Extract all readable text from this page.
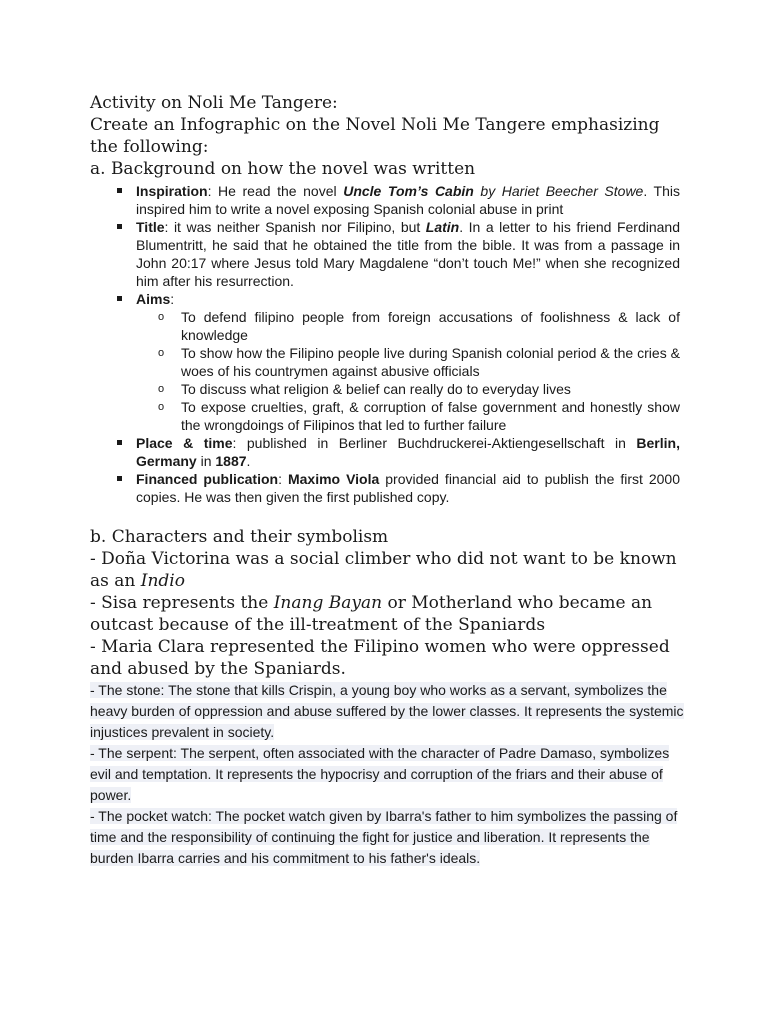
Activity on Noli Me Tangere:

Create an Infographic on the Novel Noli Me Tangere emphasizing the following:

a. Background on how the novel was written

Inspiration: He read the novel Uncle Tom’s Cabin by Hariet Beecher Stowe. This inspired him to write a novel exposing Spanish colonial abuse in print
Title: it was neither Spanish nor Filipino, but Latin. In a letter to his friend Ferdinand Blumentritt, he said that he obtained the title from the bible. It was from a passage in John 20:17 where Jesus told Mary Magdalene “don’t touch Me!” when she recognized him after his resurrection.
Aims:
o To defend filipino people from foreign accusations of foolishness & lack of knowledge
o To show how the Filipino people live during Spanish colonial period & the cries & woes of his countrymen against abusive officials
o To discuss what religion & belief can really do to everyday lives
o To expose cruelties, graft, & corruption of false government and honestly show the wrongdoings of Filipinos that led to further failure
Place & time: published in Berliner Buchdruckerei-Aktiengesellschaft in Berlin, Germany in 1887.
Financed publication: Maximo Viola provided financial aid to publish the first 2000 copies. He was then given the first published copy.

b. Characters and their symbolism

- Doña Victorina was a social climber who did not want to be known as an Indio

- Sisa represents the Inang Bayan or Motherland who became an outcast because of the ill-treatment of the Spaniards

- Maria Clara represented the Filipino women who were oppressed and abused by the Spaniards.

- The stone: The stone that kills Crispin, a young boy who works as a servant, symbolizes the heavy burden of oppression and abuse suffered by the lower classes. It represents the systemic injustices prevalent in society.

- The serpent: The serpent, often associated with the character of Padre Damaso, symbolizes evil and temptation. It represents the hypocrisy and corruption of the friars and their abuse of power.

- The pocket watch: The pocket watch given by Ibarra's father to him symbolizes the passing of time and the responsibility of continuing the fight for justice and liberation. It represents the burden Ibarra carries and his commitment to his father's ideals.
